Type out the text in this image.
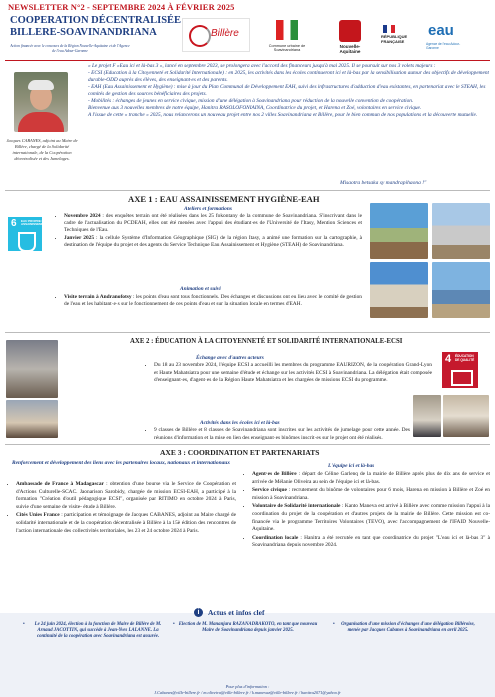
NEWSLETTER N°2 - SEPTEMBRE 2024 À FÉVRIER 2025
COOPERATION DÉCENTRALISÉE
BILLERE-SOAVINANDRIANA
Action financée avec le concours de la Région Nouvelle-Aquitaine et de l'Agence de l'eau Adour-Garonne
Billère
Commune urbaine de Soavinandriana
Nouvelle-Aquitaine
RÉPUBLIQUE FRANÇAISE
eau
Agence de l'eau Adour-Garonne
Jacques CABANES, adjoint au Maire de Billère, chargé de la Solidarité internationale, de la Coopération décentralisée et des Jumelages.

« Le projet F «Eau ici et là-bas 3 », lancé en septembre 2023, se prolongera avec l'accord des financeurs jusqu'à mai 2025. Il se poursuit sur nos 3 volets majeurs :

- ECSI (Education à la Citoyenneté et Solidarité Internationale) : en 2025, les activités dans les écoles continueront ici et là-bas par la sensibilisation autour des objectifs de développement durable-ODD auprès des élèves, des enseignant·es et des parents.

- EAH (Eau Assainissement et Hygiène) : mise à jour du Plan Communal de Développement EAH, suivi des infrastructures d'adduction d'eau existantes, en partenariat avec le STEAH, les comités de gestion des sources bénéficiaires des projets.

- Mobilités : échanges de jeunes en service civique, mission d'une délégation à Soavinandriana pour réduction de la nouvelle convention de coopération.

Bienvenue aux 3 nouvelles membres de notre équipe, Hanitra RASOLOFONIAINA, Coordinatrice du projet, et Harena et Zoé, volontaires en service civique.

A l'issue de cette « tranche » 2025, nous relancerons un nouveau projet entre nos 2 villes Soavinandriana et Billère, pour le bien commun de nos populations et la découverte mutuelle.

Misaotra betsaka sy mandrapihaona !"
AXE 1 : EAU ASSAINISSEMENT HYGIÈNE-EAH
Ateliers et formations
6 EAU PROPRE ET ASSAINISSEMENT
• Novembre 2024 : des enquêtes terrain ont été réalisées dans les 25 fokontany de la commune de Soavinandriana. S'inscrivant dans le cadre de l'actualisation du PCDEAH, elles ont été menées avec l'appui des étudiant·es de l'Université de l'Itasy, Mention Sciences et Techniques de l'Eau.
• Janvier 2025 : la cellule Système d'Information Géographique (SIG) de la région Itasy, a animé une formation sur la cartographie, à destination de l'équipe du projet et des agents du Service Technique Eau Assainissement et Hygiène (STEAH) de Soavinandriana.
Animation et suivi
• Visite terrain à Andranofotsy : les points d'eau sont tous fonctionnels. Des échanges et discussions ont eu lieu avec le comité de gestion de l'eau et les habitant·e·s sur le fonctionnement de ces points d'eau et sur la situation locale en termes d'EAH.
AXE 2 : ÉDUCATION À LA CITOYENNETÉ ET SOLIDARITÉ INTERNATIONALE-ECSI
Échange avec d'autres acteurs
• Du 18 au 23 novembre 2024, l'équipe ECSI a accueilli les membres du programme EAURIZON, de la coopération Grand-Lyon et Haute Mahatsiatra pour une semaine d'étude et échange sur les activités ECSI à Soavinandriana. La délégation était composée d'enseignant·es, d'agent·es de la Région Haute Mahatsiatra et les chargées de missions ECSI du programme.
Activités dans les écoles ici et là-bas
• 9 classes de Billère et 8 classes de Soavinandriana sont inscrites sur les activités de jumelage pour cette année. Des réunions d'information et la mise en lien des enseignant·es binômes inscrit·es sur le projet ont été réalisés.
4 ÉDUCATION DE QUALITÉ
AXE 3 : COORDINATION ET PARTENARIATS
Renforcement et développement des liens avec les partenaires locaux, nationaux et internationaux
• Ambassade de France à Madagascar : obtention d'une bourse via le Service de Coopération et d'Actions Culturelle-SCAC. Jaonarison Sarobidy, chargée de mission ECSI-EAH, a participé à la formation "Création d'outil pédagogique ECSI", organisée par RITIMO en octobre 2024 à Paris, suivie d'une semaine de visite- étude à Billère.
• Cités Unies France : participation et témoignage de Jacques CABANES, adjoint au Maire chargé de solidarité internationale et de la coopération décentralisée à Billère à la 15è édition des rencontres de l'action internationale des collectivités territoriales, les 23 et 24 octobre 2024 à Paris.
L'équipe ici et là-bas
• Agent·es de Billère : départ de Céline Garlenq de la mairie de Billère après plus de dix ans de service et arrivée de Mélanie Oliveira au sein de l'équipe ici et là-bas.
• Service civique : recrutement du binôme de volontaires pour 6 mois, Harena en mission à Billère et Zoé en mission à Soavinandriana.
• Volontaire de Solidarité internationale : Kanto Maneva est arrivé à Billère avec comme mission l'appui à la coordination du projet de la coopération et d'autres projets de la mairie de Billère. Cette mission est co-financée via le programme Territoires Volontaires (TEVO), avec l'accompagnement de l'IFAID Nouvelle-Aquitaine.
• Coordination locale : Hanitra a été recrutée en tant que coordinatrice du projet "L'eau ici et là-bas 3" à Soavinandriana depuis novembre 2024.
i	Actus et infos clef
• Le 24 juin 2024, élection à la fonction de Maire de Billère de M. Arnaud JACOTTIN, qui succède à Jean-Yves LALANNE. La continuité de la coopération avec Soavinandriana est assurée.
• Election de M. Mananjara RAZANADRAKOTO, en tant que nouveau Maire de Soavinandriana depuis janvier 2025.
• Organisation d'une mission d'échanges d'une délégation Billéroise, menée par Jacques Cabanes à Soavinandriana en avril 2025.
Pour plus d'information :
J.Cabanes@ville-billere.fr / m.oliveira@ville-billere.fr / k.manevaz@ville-billere.fr / hanitra2071@yahoo.fr
